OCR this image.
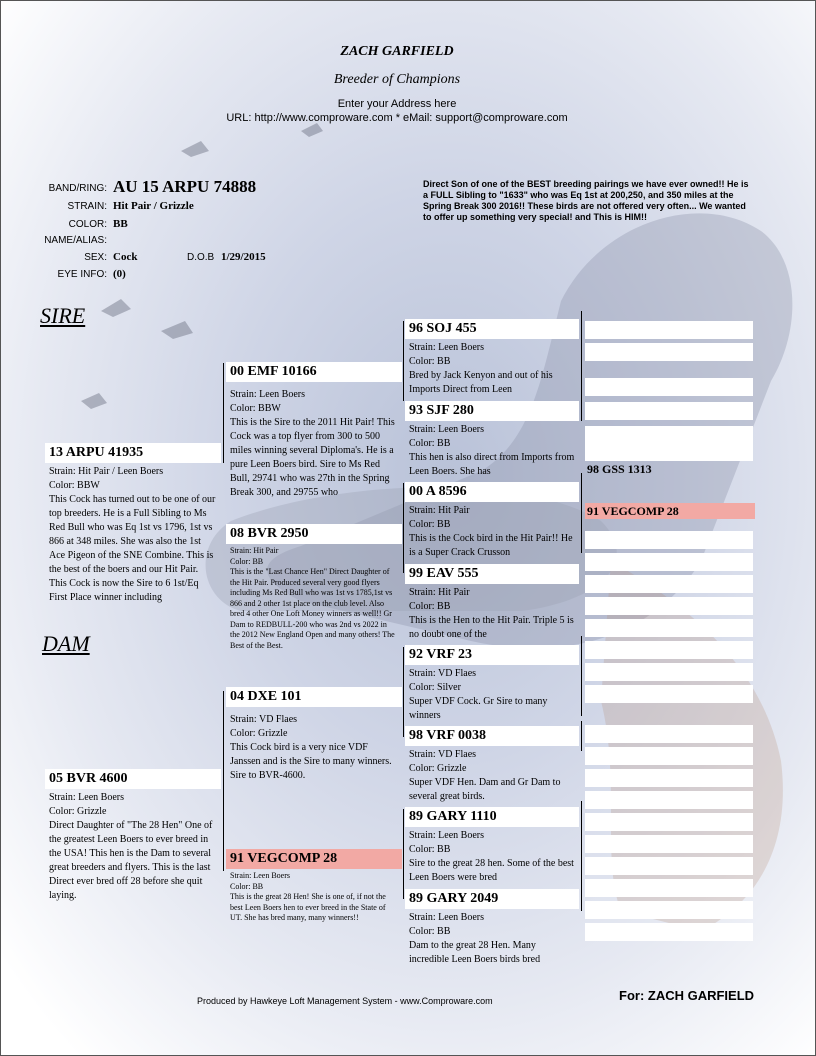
ZACH GARFIELD
Breeder of Champions
Enter your Address here
URL: http://www.comproware.com * eMail: support@comproware.com
BAND/RING: AU 15 ARPU 74888
STRAIN: Hit Pair / Grizzle
COLOR: BB
NAME/ALIAS:
SEX: Cock	D.O.B 1/29/2015
EYE INFO: (0)
Direct Son of one of the BEST breeding pairings we have ever owned!! He is a FULL Sibling to "1633" who was Eq 1st at 200,250, and 350 miles at the Spring Break 300 2016!! These birds are not offered very often... We wanted to offer up something very special! and This is HIM!!
SIRE
DAM
98 GSS 1313
91 VEGCOMP 28
13 ARPU 41935
Strain: Hit Pair / Leen Boers
Color: BBW
This Cock has turned out to be one of our top breeders. He is a Full Sibling to Ms Red Bull who was Eq 1st vs 1796, 1st vs 866 at 348 miles. She was also the 1st Ace Pigeon of the SNE Combine. This is the best of the boers and our Hit Pair. This Cock is now the Sire to 6 1st/Eq First Place winner including
05 BVR 4600
Strain: Leen Boers
Color: Grizzle
Direct Daughter of "The 28 Hen" One of the greatest Leen Boers to ever breed in the USA! This hen is the Dam to several great breeders and flyers. This is the last Direct ever bred off 28 before she quit laying.
00 EMF 10166
Strain: Leen Boers
Color: BBW
This is the Sire to the 2011 Hit Pair! This Cock was a top flyer from 300 to 500 miles winning several Diploma's. He is a pure Leen Boers bird. Sire to Ms Red Bull, 29741 who was 27th in the Spring Break 300, and 29755 who
08 BVR 2950
Strain: Hit Pair
Color: BB
This is the "Last Chance Hen" Direct Daughter of the Hit Pair. Produced several very good flyers including Ms Red Bull who was 1st vs 1785,1st vs 866 and 2 other 1st place on the club level. Also bred 4 other One Loft Money winners as well!! Gr Dam to REDBULL-200 who was 2nd vs 2022 in the 2012 New England Open and many others! The Best of the Best.
04 DXE 101
Strain: VD Flaes
Color: Grizzle
This Cock bird is a very nice VDF Janssen and is the Sire to many winners. Sire to BVR-4600.
91 VEGCOMP 28
Strain: Leen Boers
Color: BB
This is the great 28 Hen! She is one of, if not the best Leen Boers hen to ever breed in the State of UT. She has bred many, many winners!!
96 SOJ 455
Strain: Leen Boers
Color: BB
Bred by Jack Kenyon and out of his Imports Direct from Leen
93 SJF 280
Strain: Leen Boers
Color: BB
This hen is also direct from Imports from Leen Boers. She has
00 A 8596
Strain: Hit Pair
Color: BB
This is the Cock bird in the Hit Pair!! He is a Super Crack Crusson
99 EAV 555
Strain: Hit Pair
Color: BB
This is the Hen to the Hit Pair. Triple 5 is no doubt one of the
92 VRF 23
Strain: VD Flaes
Color: Silver
Super VDF Cock. Gr Sire to many winners
98 VRF 0038
Strain: VD Flaes
Color: Grizzle
Super VDF Hen. Dam and Gr Dam to several great birds.
89 GARY 1110
Strain: Leen Boers
Color: BB
Sire to the great 28 hen. Some of the best Leen Boers were bred
89 GARY 2049
Strain: Leen Boers
Color: BB
Dam to the great 28 Hen. Many incredible Leen Boers birds bred
Produced by Hawkeye Loft Management System - www.Comproware.com	For: ZACH GARFIELD
